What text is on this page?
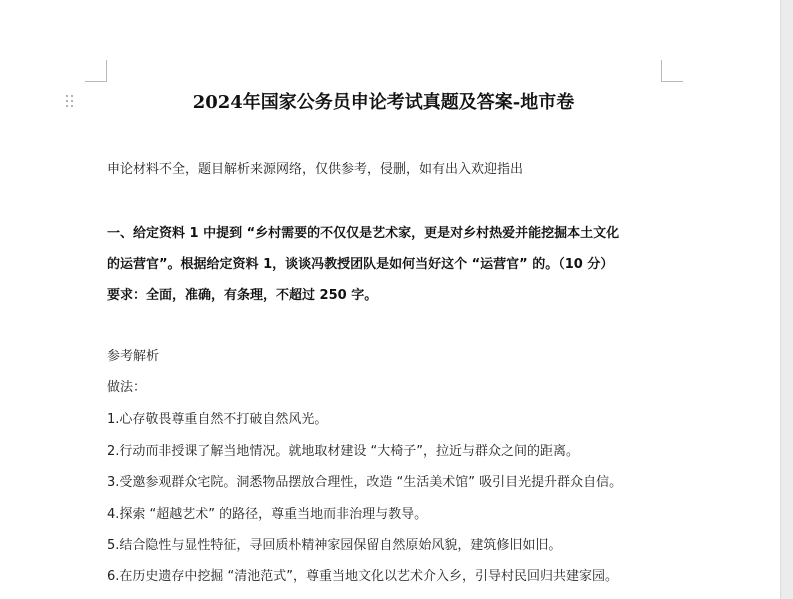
2024年国家公务员申论考试真题及答案-地市卷
申论材料不全，题目解析来源网络，仅供参考，侵删，如有出入欢迎指出
一、给定资料 1 中提到 “乡村需要的不仅仅是艺术家，更是对乡村热爱并能挖掘本土文化
的运营官”。根据给定资料 1，谈谈冯教授团队是如何当好这个 “运营官” 的。（10 分）
要求：全面，准确，有条理，不超过 250 字。
参考解析
做法：
1.心存敬畏尊重自然不打破自然风光。
2.行动而非授课了解当地情况。就地取材建设 “大椅子”，拉近与群众之间的距离。
3.受邀参观群众宅院。洞悉物品摆放合理性，改造 “生活美术馆” 吸引目光提升群众自信。
4.探索 “超越艺术” 的路径，尊重当地而非治理与教导。
5.结合隐性与显性特征，寻回质朴精神家园保留自然原始风貌，建筑修旧如旧。
6.在历史遗存中挖掘 “清池范式”，尊重当地文化以艺术介入乡，引导村民回归共建家园。
